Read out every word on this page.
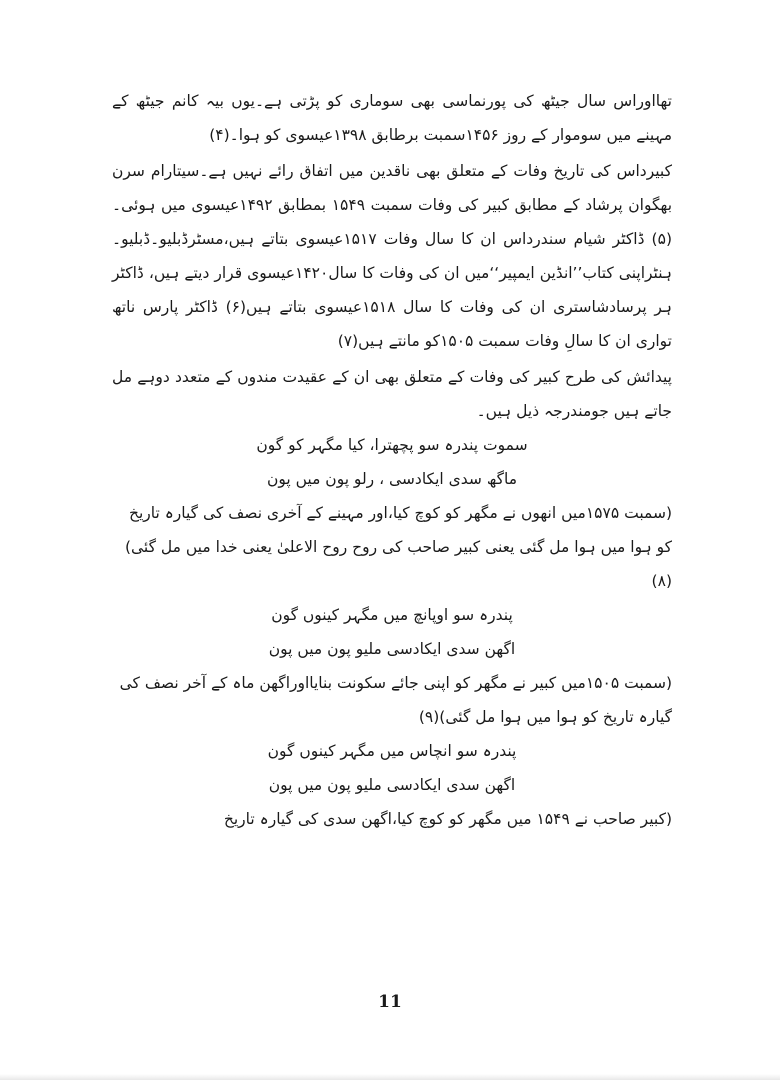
تھااوراس سال جیٹھ کی پورنماسی بھی سوماری کو پڑتی ہے۔یوں بیہ کانم جیٹھ کے مہینے میں سوموار کے روز ۱۴۵۶سمبت برطابق ۱۳۹۸عیسوی کو ہوا۔(۴)

کبیرداس کی تاریخ وفات کے متعلق بھی ناقدین میں اتفاق رائے نہیں ہے۔سیتارام سرن بھگوان پرشاد کے مطابق کبیر کی وفات سمبت ۱۵۴۹ بمطابق ۱۴۹۲عیسوی میں ہوئی۔(۵) ڈاکٹر شیام سندرداس ان کا سال وفات ۱۵۱۷عیسوی بتاتے ہیں،مسٹرڈبلیو۔ڈبلیو۔ہنٹراپنی کتاب’’انڈین ایمپیر‘‘میں ان کی وفات کا سال۱۴۲۰عیسوی قرار دیتے ہیں، ڈاکٹر ہر پرسادشاستری ان کی وفات کا سال ۱۵۱۸عیسوی بتاتے ہیں(۶) ڈاکٹر پارس ناتھ تواری ان کا سالِ وفات سمبت ۱۵۰۵کو مانتے ہیں(۷)

پیدائش کی طرح کبیر کی وفات کے متعلق بھی ان کے عقیدت مندوں کے متعدد دوہے مل جاتے ہیں جومندرجہ ذیل ہیں۔

سموت پندرہ سو پچھترا، کیا مگہر کو گون

ماگھ سدی ایکادسی ، رلو پون میں پون

(سمبت ۱۵۷۵میں انھوں نے مگھر کو کوچ کیا،اور مہینے کے آخری نصف کی گیارہ تاریخ کو ہوا میں ہوا مل گئی یعنی کبیر صاحب کی روح روح الاعلیٰ یعنی خدا میں مل گئی)(۸)

پندرہ سو اوپانچ میں مگہر کینوں گون

اگھن سدی ایکادسی ملیو پون میں پون

(سمبت ۱۵۰۵میں کبیر نے مگھر کو اپنی جائے سکونت بنایااوراگھن ماہ کے آخر نصف کی گیارہ تاریخ کو ہوا میں ہوا مل گئی)(۹)

پندرہ سو انچاس میں مگہر کینوں گون

اگھن سدی ایکادسی ملیو پون میں پون

(کبیر صاحب نے ۱۵۴۹ میں مگھر کو کوچ کیا،اگھن سدی کی گیارہ تاریخ

11
